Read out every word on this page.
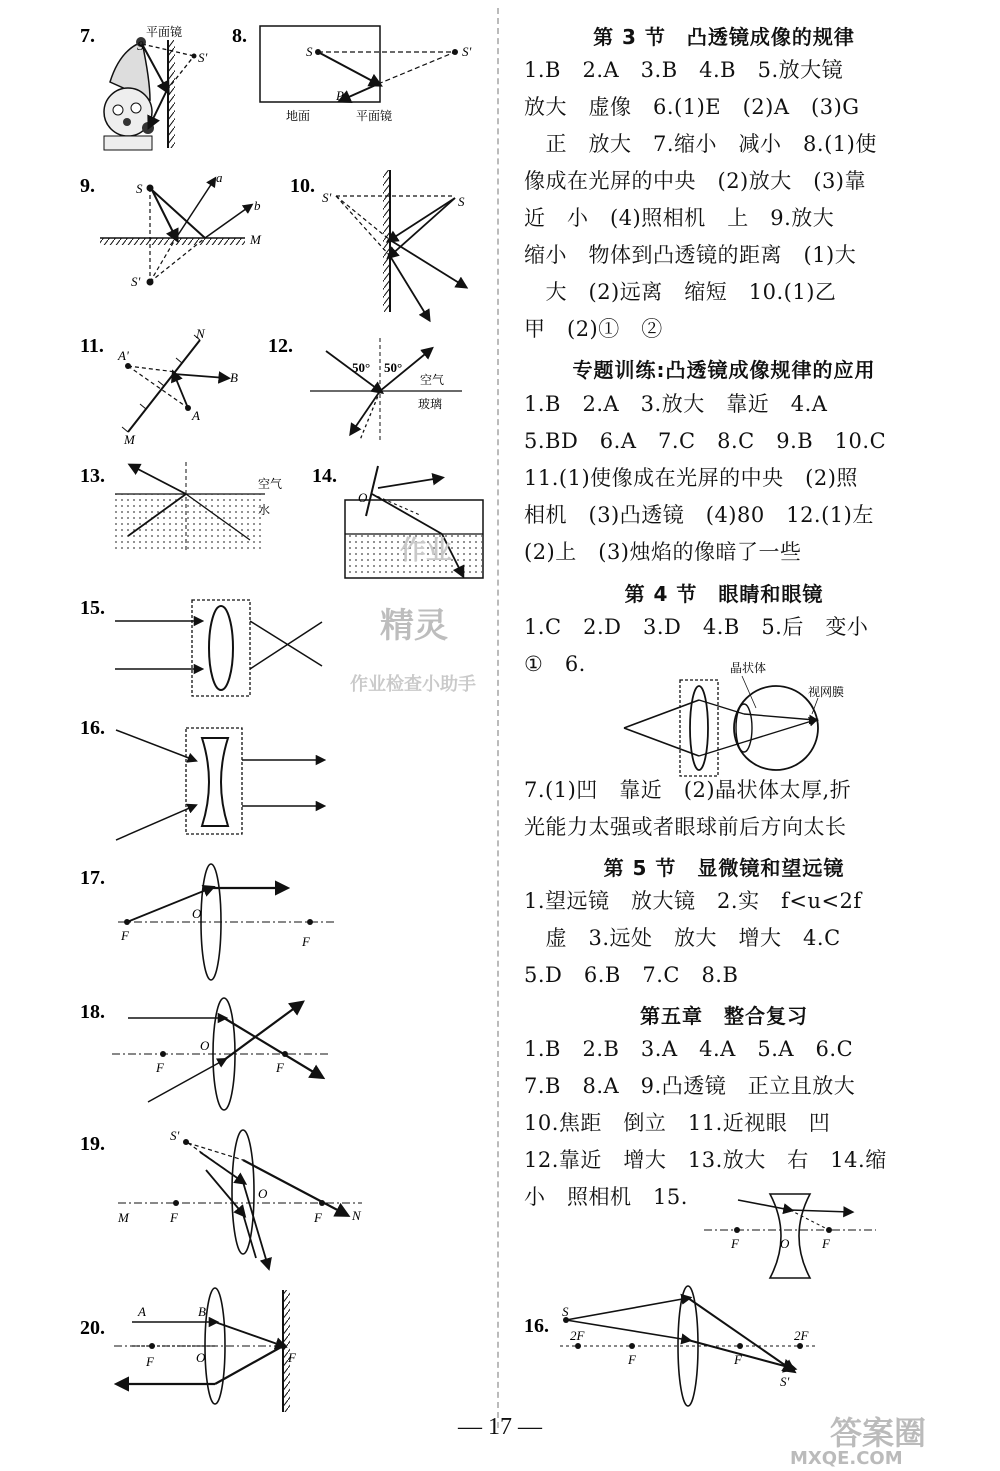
7.	平面镜
S
S'
8.
S	S'
P
地面	平面镜
9.	S
S'
a
b
M
10.
S'	S
11.
N
A'
B
A
M
12.
50° 50°
空气
玻璃
13.	空气
水
14.
O
15.
16.
17.
F
O
F
18.
O
F	F
19.	S'
M	F
O
F N
20.
A	B
F	O	F
晶状体
视网膜
F	O	F
16.
S
2F
F	F
2F
S'
第 3 节　凸透镜成像的规律
1.B　2.A　3.B　4.B　5.放大镜
放大　虚像　6.(1)E　(2)A　(3)G
　正　放大　7.缩小　减小　8.(1)使
像成在光屏的中央　(2)放大　(3)靠
近　小　(4)照相机　上　9.放大
缩小　物体到凸透镜的距离　(1)大
　大　(2)远离　缩短　10.(1)乙
甲　(2)①　②
专题训练:凸透镜成像规律的应用
1.B　2.A　3.放大　靠近　4.A
5.BD　6.A　7.C　8.C　9.B　10.C
11.(1)使像成在光屏的中央　(2)照
相机　(3)凸透镜　(4)80　12.(1)左
(2)上　(3)烛焰的像暗了一些
第 4 节　眼睛和眼镜
1.C　2.D　3.D　4.B　5.后　变小
①　6.
7.(1)凹　靠近　(2)晶状体太厚,折
光能力太强或者眼球前后方向太长
第 5 节　显微镜和望远镜
1.望远镜　放大镜　2.实　f<u<2f
　虚　3.远处　放大　增大　4.C
5.D　6.B　7.C　8.B
第五章　整合复习
1.B　2.B　3.A　4.A　5.A　6.C
7.B　8.A　9.凸透镜　正立且放大
10.焦距　倒立　11.近视眼　凹
12.靠近　增大　13.放大　右　14.缩
小　照相机　15.
作业
精灵
作业检查小助手
答案圈
MXQE.COM
— 17 —
